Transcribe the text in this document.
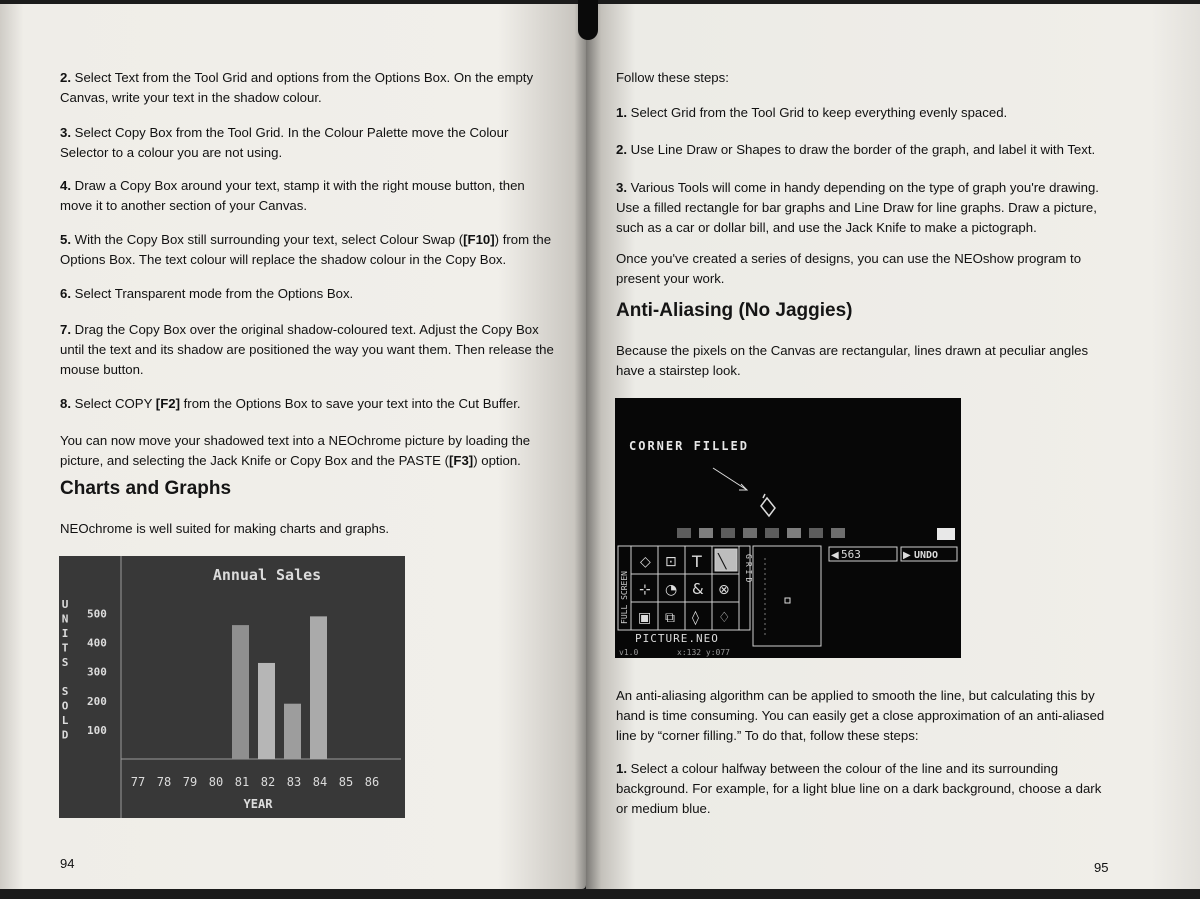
2. Select Text from the Tool Grid and options from the Options Box. On the empty Canvas, write your text in the shadow colour.

3. Select Copy Box from the Tool Grid. In the Colour Palette move the Colour Selector to a colour you are not using.

4. Draw a Copy Box around your text, stamp it with the right mouse button, then move it to another section of your Canvas.

5. With the Copy Box still surrounding your text, select Colour Swap ([F10]) from the Options Box. The text colour will replace the shadow colour in the Copy Box.

6. Select Transparent mode from the Options Box.

7. Drag the Copy Box over the original shadow-coloured text. Adjust the Copy Box until the text and its shadow are positioned the way you want them. Then release the mouse button.

8. Select COPY [F2] from the Options Box to save your text into the Cut Buffer.

You can now move your shadowed text into a NEOchrome picture by loading the picture, and selecting the Jack Knife or Copy Box and the PASTE ([F3]) option.

Charts and Graphs

NEOchrome is well suited for making charts and graphs.

Annual Sales
U
N
I
T
S
S
O
L
D 100
200
300
400
500
77 78 79 80 81 82 83 84 85 86
YEAR
94

Follow these steps:

1. Select Grid from the Tool Grid to keep everything evenly spaced.

2. Use Line Draw or Shapes to draw the border of the graph, and label it with Text.

3. Various Tools will come in handy depending on the type of graph you're drawing. Use a filled rectangle for bar graphs and Line Draw for line graphs. Draw a picture, such as a car or dollar bill, and use the Jack Knife to make a pictograph.

Once you've created a series of designs, you can use the NEOshow program to present your work.

Anti-Aliasing (No Jaggies)

Because the pixels on the Canvas are rectangular, lines drawn at peculiar angles have a stairstep look.

An anti-aliasing algorithm can be applied to smooth the line, but calculating this by hand is time consuming. You can easily get a close approximation of an anti-aliased line by “corner filling.” To do that, follow these steps:

1. Select a colour halfway between the colour of the line and its surrounding background. For example, for a light blue line on a dark background, choose a dark or medium blue.

95
CORNER FILLED
◇ ⊡ T ╲
⊹ ◔ & ⊗
▣ ⧉ ◊ ♢
FULL SCREEN
GRID	◀ 563	▶ UNDO
PICTURE.NEO
v1.0	x:132 y:077
